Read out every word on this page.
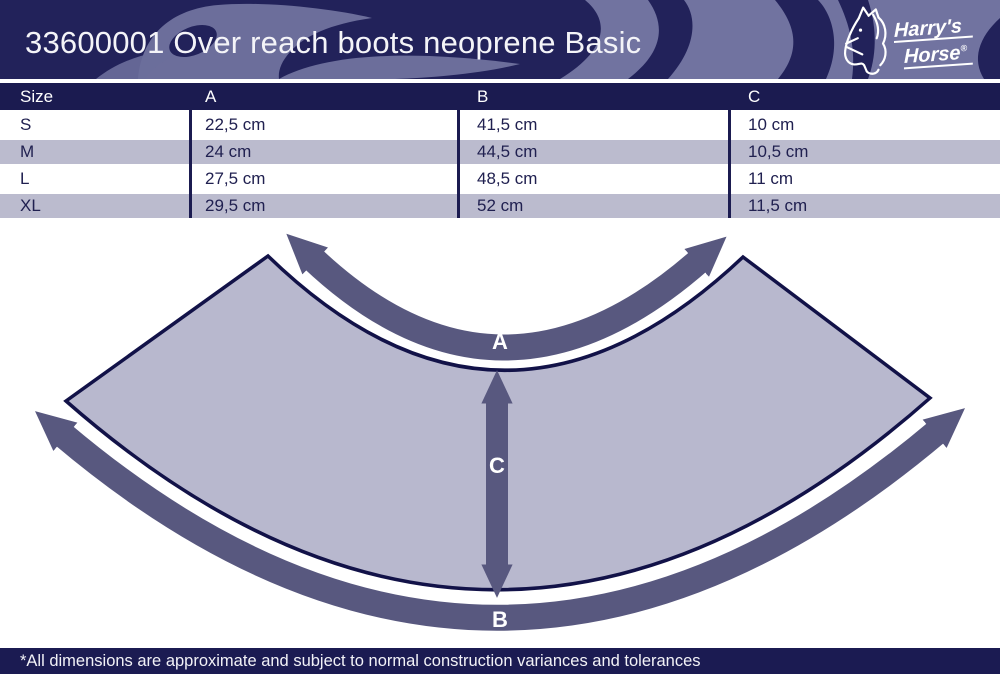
33600001 Over reach boots neoprene Basic	Harry's
Horse®
Size	A	B	C
S	22,5 cm	41,5 cm	10 cm
M	24 cm	44,5 cm	10,5 cm
L	27,5 cm	48,5 cm	11 cm
XL	29,5 cm	52 cm	11,5 cm
A
B
C

*All dimensions are approximate and subject to normal construction variances and tolerances
